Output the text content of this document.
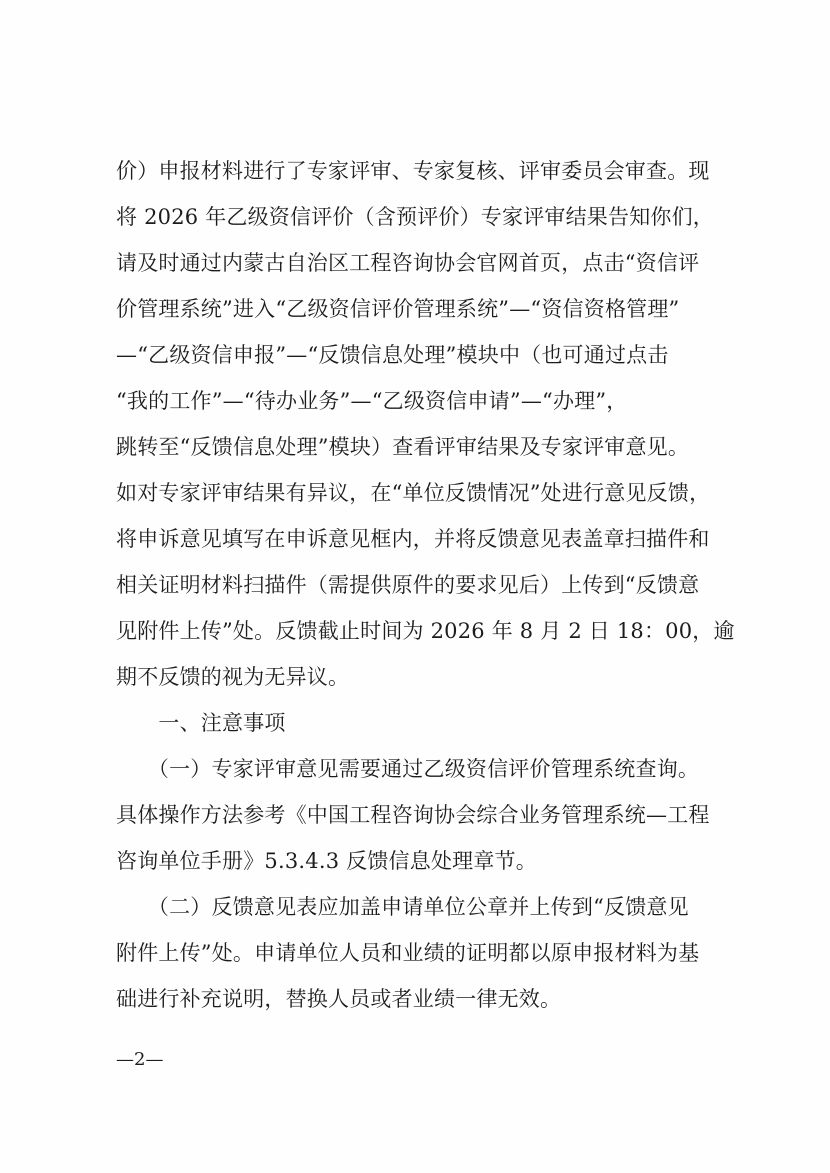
价）申报材料进行了专家评审、专家复核、评审委员会审查。现
将 2026 年乙级资信评价（含预评价）专家评审结果告知你们，
请及时通过内蒙古自治区工程咨询协会官网首页，点击“资信评
价管理系统”进入“乙级资信评价管理系统”—“资信资格管理”
—“乙级资信申报”—“反馈信息处理”模块中（也可通过点击
“我的工作”—“待办业务”—“乙级资信申请”—“办理”，
跳转至“反馈信息处理”模块）查看评审结果及专家评审意见。
如对专家评审结果有异议，在“单位反馈情况”处进行意见反馈，
将申诉意见填写在申诉意见框内，并将反馈意见表盖章扫描件和
相关证明材料扫描件（需提供原件的要求见后）上传到“反馈意
见附件上传”处。反馈截止时间为 2026 年 8 月 2 日 18：00，逾
期不反馈的视为无异议。
　　一、注意事项
　　（一）专家评审意见需要通过乙级资信评价管理系统查询。
具体操作方法参考《中国工程咨询协会综合业务管理系统—工程
咨询单位手册》5.3.4.3 反馈信息处理章节。
　　（二）反馈意见表应加盖申请单位公章并上传到“反馈意见
附件上传”处。申请单位人员和业绩的证明都以原申报材料为基
础进行补充说明，替换人员或者业绩一律无效。
—2—
